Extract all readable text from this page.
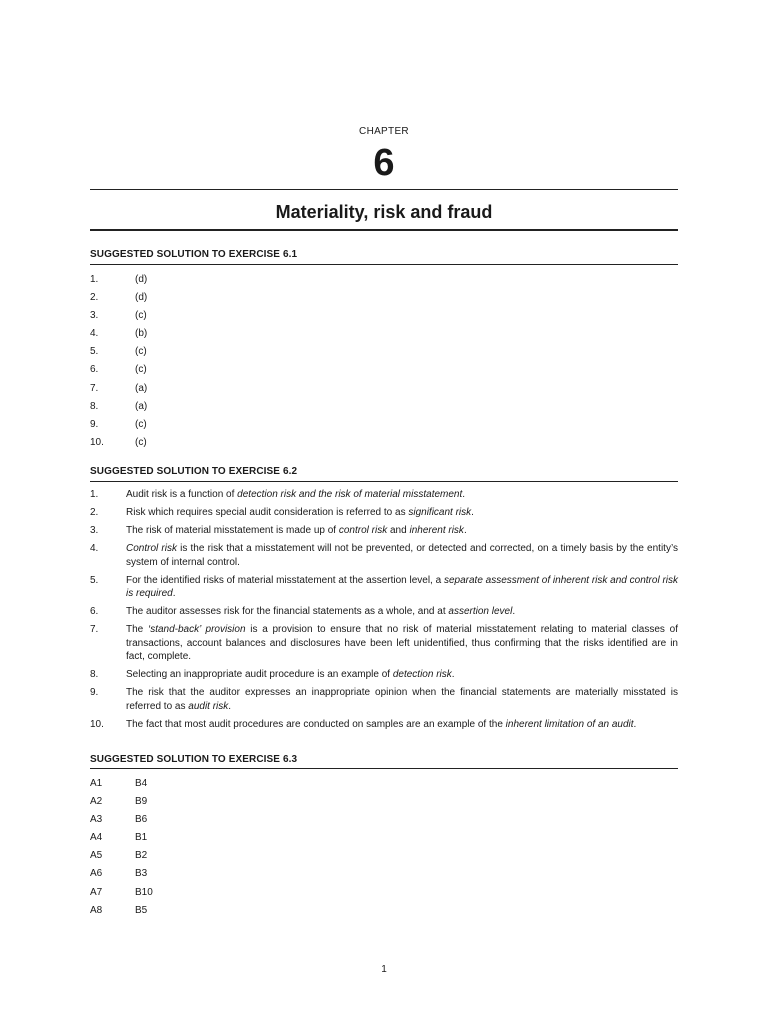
CHAPTER
6
Materiality, risk and fraud
SUGGESTED SOLUTION TO EXERCISE 6.1
1.	(d)
2.	(d)
3.	(c)
4.	(b)
5.	(c)
6.	(c)
7.	(a)
8.	(a)
9.	(c)
10.	(c)
SUGGESTED SOLUTION TO EXERCISE 6.2
1.	Audit risk is a function of detection risk and the risk of material misstatement.
2.	Risk which requires special audit consideration is referred to as significant risk.
3.	The risk of material misstatement is made up of control risk and inherent risk.
4.	Control risk is the risk that a misstatement will not be prevented, or detected and corrected, on a timely basis by the entity’s system of internal control.
5.	For the identified risks of material misstatement at the assertion level, a separate assessment of inherent risk and control risk is required.
6.	The auditor assesses risk for the financial statements as a whole, and at assertion level.
7.	The ‘stand-back’ provision is a provision to ensure that no risk of material misstatement relating to material classes of transactions, account balances and disclosures have been left unidentified, thus confirming that the risks identified are in fact, complete.
8.	Selecting an inappropriate audit procedure is an example of detection risk.
9.	The risk that the auditor expresses an inappropriate opinion when the financial statements are materially misstated is referred to as audit risk.
10.	The fact that most audit procedures are conducted on samples are an example of the inherent limitation of an audit.
SUGGESTED SOLUTION TO EXERCISE 6.3
A1	B4
A2	B9
A3	B6
A4	B1
A5	B2
A6	B3
A7	B10
A8	B5
1
